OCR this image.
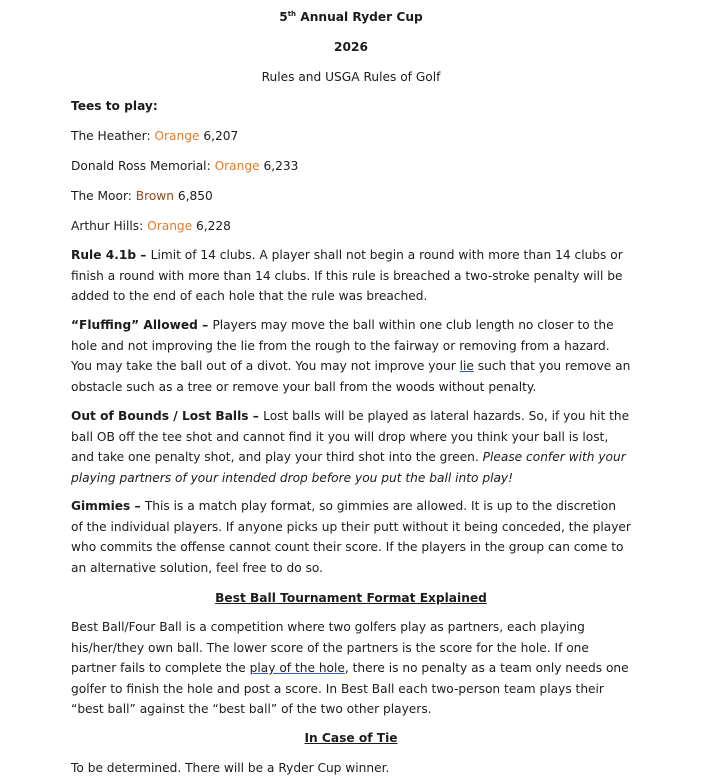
5th Annual Ryder Cup
2026
Rules and USGA Rules of Golf
Tees to play:
The Heather: Orange 6,207
Donald Ross Memorial: Orange 6,233
The Moor: Brown 6,850
Arthur Hills: Orange 6,228
Rule 4.1b – Limit of 14 clubs. A player shall not begin a round with more than 14 clubs or finish a round with more than 14 clubs. If this rule is breached a two-stroke penalty will be added to the end of each hole that the rule was breached.
“Fluffing” Allowed – Players may move the ball within one club length no closer to the hole and not improving the lie from the rough to the fairway or removing from a hazard. You may take the ball out of a divot. You may not improve your lie such that you remove an obstacle such as a tree or remove your ball from the woods without penalty.
Out of Bounds / Lost Balls – Lost balls will be played as lateral hazards. So, if you hit the ball OB off the tee shot and cannot find it you will drop where you think your ball is lost, and take one penalty shot, and play your third shot into the green. Please confer with your playing partners of your intended drop before you put the ball into play!
Gimmies – This is a match play format, so gimmies are allowed. It is up to the discretion of the individual players. If anyone picks up their putt without it being conceded, the player who commits the offense cannot count their score. If the players in the group can come to an alternative solution, feel free to do so.
Best Ball Tournament Format Explained
Best Ball/Four Ball is a competition where two golfers play as partners, each playing his/her/they own ball. The lower score of the partners is the score for the hole. If one partner fails to complete the play of the hole, there is no penalty as a team only needs one golfer to finish the hole and post a score. In Best Ball each two-person team plays their “best ball” against the “best ball” of the two other players.
In Case of Tie
To be determined. There will be a Ryder Cup winner.
